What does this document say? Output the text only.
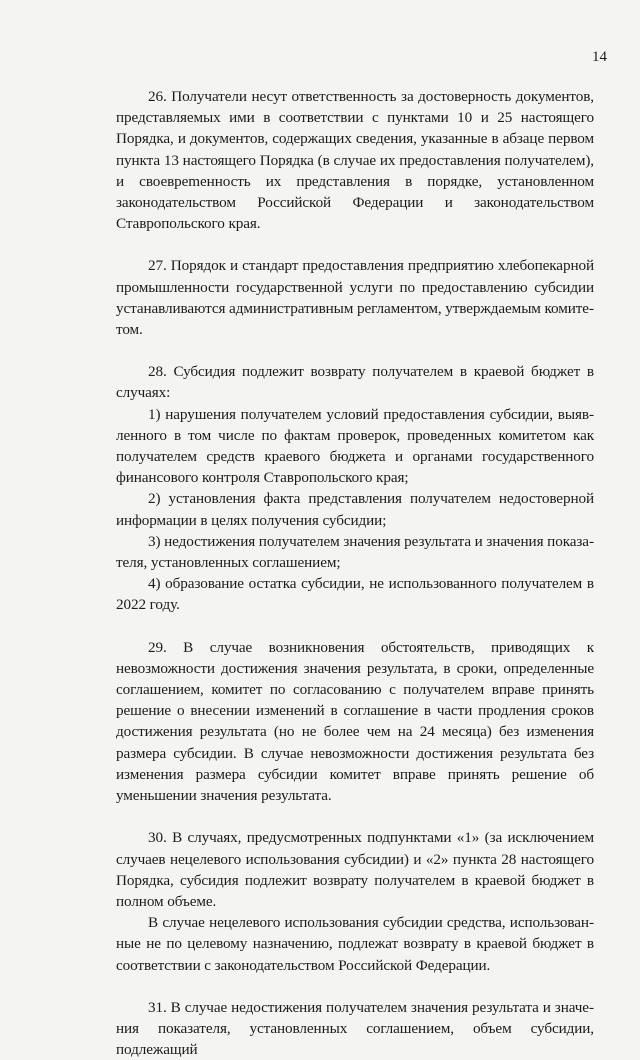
14

26. Получатели несут ответственность за достоверность документов, представляемых ими в соответствии с пунктами 10 и 25 настоящего Порядка, и документов, содержащих сведения, указанные в абзаце первом пункта 13 настоящего Порядка (в случае их предоставления получателем), и своевреmенность их представления в порядке, установленном законодательством Российской Федерации и законодательством Ставропольского края.

27. Порядок и стандарт предоставления предприятию хлебопекарной промышленности государственной услуги по предоставлению субсидии устанавливаются административным регламентом, утверждаемым комитетом.

28. Субсидия подлежит возврату получателем в краевой бюджет в случаях:

1) нарушения получателем условий предоставления субсидии, выявленного в том числе по фактам проверок, проведенных комитетом как получателем средств краевого бюджета и органами государственного финансового контроля Ставропольского края;

2) установления факта представления получателем недостоверной информации в целях получения субсидии;

3) недостижения получателем значения результата и значения показателя, установленных соглашением;

4) образование остатка субсидии, не использованного получателем в 2022 году.

29. В случае возникновения обстоятельств, приводящих к невозможности достижения значения результата, в сроки, определенные соглашением, комитет по согласованию с получателем вправе принять решение о внесении изменений в соглашение в части продления сроков достижения результата (но не более чем на 24 месяца) без изменения размера субсидии. В случае невозможности достижения результата без изменения размера субсидии комитет вправе принять решение об уменьшении значения результата.

30. В случаях, предусмотренных подпунктами «1» (за исключением случаев нецелевого использования субсидии) и «2» пункта 28 настоящего Порядка, субсидия подлежит возврату получателем в краевой бюджет в полном объеме.

В случае нецелевого использования субсидии средства, использованные не по целевому назначению, подлежат возврату в краевой бюджет в соответствии с законодательством Российской Федерации.

31. В случае недостижения получателем значения результата и значения показателя, установленных соглашением, объем субсидии, подлежащий
